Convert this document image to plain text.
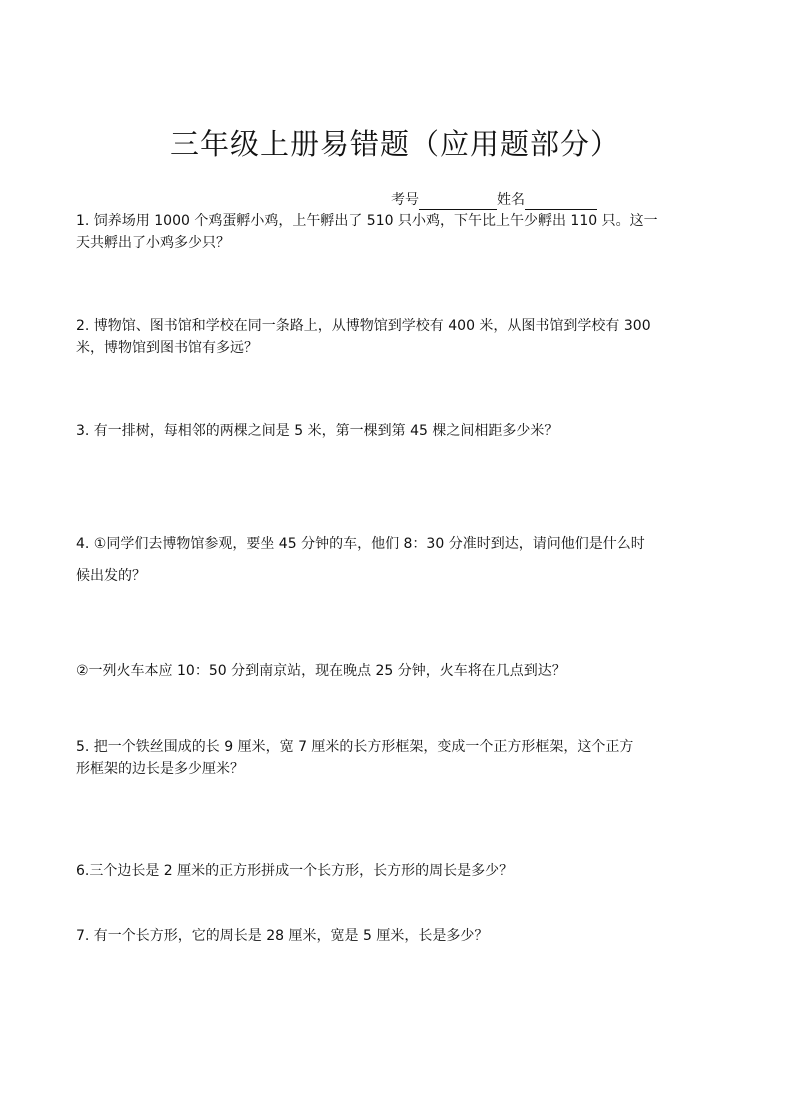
三年级上册易错题（应用题部分）
考号	姓名
1. 饲养场用 1000 个鸡蛋孵小鸡，上午孵出了 510 只小鸡，下午比上午少孵出 110 只。这一
天共孵出了小鸡多少只？
2. 博物馆、图书馆和学校在同一条路上，从博物馆到学校有 400 米，从图书馆到学校有 300
米，博物馆到图书馆有多远？
3. 有一排树，每相邻的两棵之间是 5 米，第一棵到第 45 棵之间相距多少米？
4. ①同学们去博物馆参观，要坐 45 分钟的车，他们 8：30 分准时到达，请问他们是什么时
候出发的？
②一列火车本应 10：50 分到南京站，现在晚点 25 分钟，火车将在几点到达？
5. 把一个铁丝围成的长 9 厘米，宽 7 厘米的长方形框架，变成一个正方形框架，这个正方
形框架的边长是多少厘米？
6.三个边长是 2 厘米的正方形拼成一个长方形，长方形的周长是多少？
7. 有一个长方形，它的周长是 28 厘米，宽是 5 厘米，长是多少？
